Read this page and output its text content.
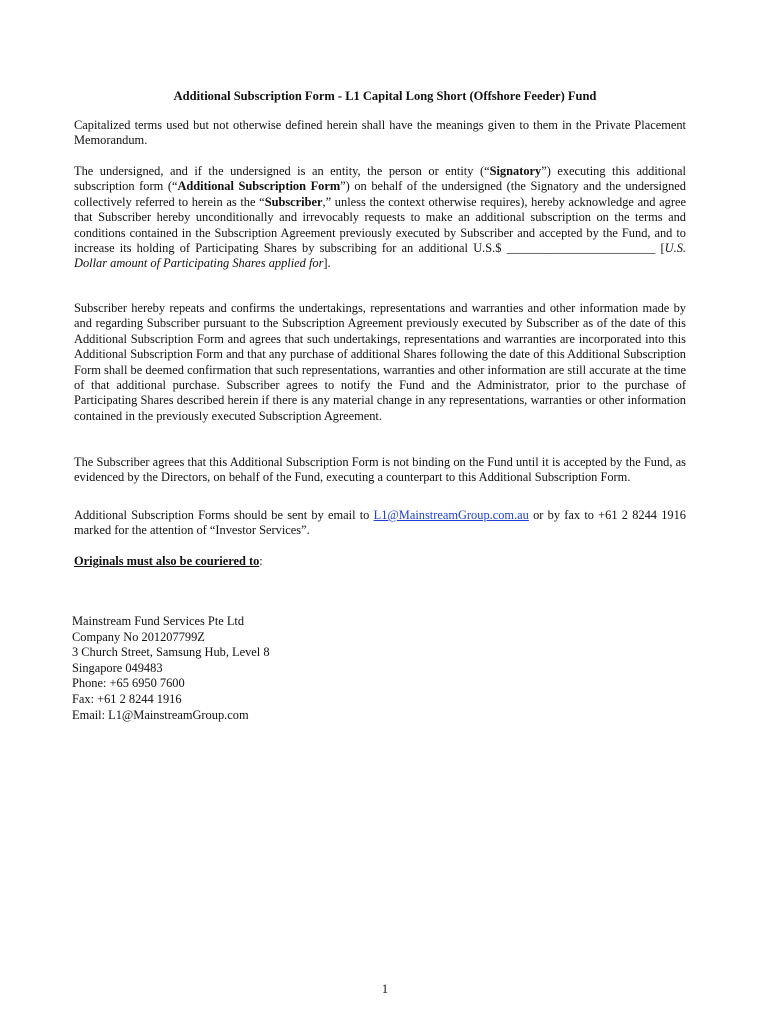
Additional Subscription Form - L1 Capital Long Short (Offshore Feeder) Fund
Capitalized terms used but not otherwise defined herein shall have the meanings given to them in the Private Placement Memorandum.
The undersigned, and if the undersigned is an entity, the person or entity (“Signatory”) executing this additional subscription form (“Additional Subscription Form”) on behalf of the undersigned (the Signatory and the undersigned collectively referred to herein as the “Subscriber,” unless the context otherwise requires), hereby acknowledge and agree that Subscriber hereby unconditionally and irrevocably requests to make an additional subscription on the terms and conditions contained in the Subscription Agreement previously executed by Subscriber and accepted by the Fund, and to increase its holding of Participating Shares by subscribing for an additional U.S.$ ________________________ [U.S. Dollar amount of Participating Shares applied for].
Subscriber hereby repeats and confirms the undertakings, representations and warranties and other information made by and regarding Subscriber pursuant to the Subscription Agreement previously executed by Subscriber as of the date of this Additional Subscription Form and agrees that such undertakings, representations and warranties are incorporated into this Additional Subscription Form and that any purchase of additional Shares following the date of this Additional Subscription Form shall be deemed confirmation that such representations, warranties and other information are still accurate at the time of that additional purchase. Subscriber agrees to notify the Fund and the Administrator, prior to the purchase of Participating Shares described herein if there is any material change in any representations, warranties or other information contained in the previously executed Subscription Agreement.
The Subscriber agrees that this Additional Subscription Form is not binding on the Fund until it is accepted by the Fund, as evidenced by the Directors, on behalf of the Fund, executing a counterpart to this Additional Subscription Form.
Additional Subscription Forms should be sent by email to L1@MainstreamGroup.com.au or by fax to +61 2 8244 1916 marked for the attention of “Investor Services”.
Originals must also be couriered to:
Mainstream Fund Services Pte Ltd
Company No 201207799Z
3 Church Street, Samsung Hub, Level 8
Singapore 049483
Phone: +65 6950 7600
Fax: +61 2 8244 1916
Email: L1@MainstreamGroup.com
1
